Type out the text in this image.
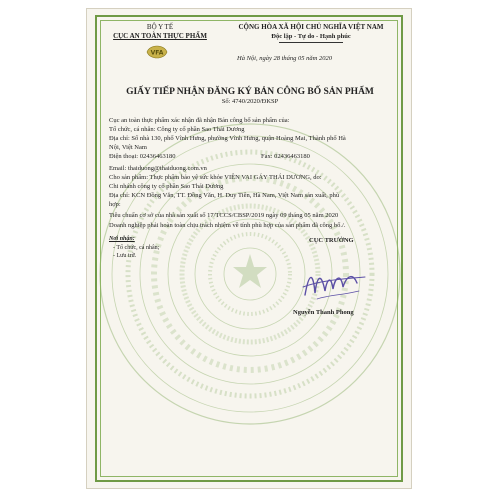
BỘ Y TẾ
CỤC AN TOÀN THỰC PHẨM
VFA
CỘNG HÒA XÃ HỘI CHỦ NGHĨA VIỆT NAM
Độc lập - Tự do - Hạnh phúc
Hà Nội, ngày 28 tháng 05 năm 2020
GIẤY TIẾP NHẬN ĐĂNG KÝ BẢN CÔNG BỐ SẢN PHẨM
Số: 4740/2020/ĐKSP
Cục an toàn thực phẩm xác nhận đã nhận Bản công bố sản phẩm của:
Tổ chức, cá nhân: Công ty cổ phần Sao Thái Dương
Địa chỉ: Số nhà 130, phố Vĩnh Hưng, phường Vĩnh Hưng, quận Hoàng Mai, Thành phố Hà
Nội, Việt Nam
Điện thoại: 02436463180	Fax: 02436463180
Email: thaiduong@thaiduong.com.vn
Cho sản phẩm: Thực phẩm bảo vệ sức khỏe VIÊN VAI GÁY THÁI DƯƠNG, do:
Chi nhánh công ty cổ phần Sao Thái Dương
Địa chỉ: KCN Đồng Văn, TT. Đồng Văn, H. Duy Tiên, Hà Nam, Việt Nam sản xuất, phù
hợp:
Tiêu chuẩn cơ sở của nhà sản xuất số 17/TCCS/CBSP/2019 ngày 09 tháng 05 năm 2020
Doanh nghiệp phải hoàn toàn chịu trách nhiệm về tính phù hợp của sản phẩm đã công bố./.
Nơi nhận:
- Tổ chức, cá nhân;
- Lưu trữ.
CỤC TRƯỞNG
Nguyễn Thanh Phong
